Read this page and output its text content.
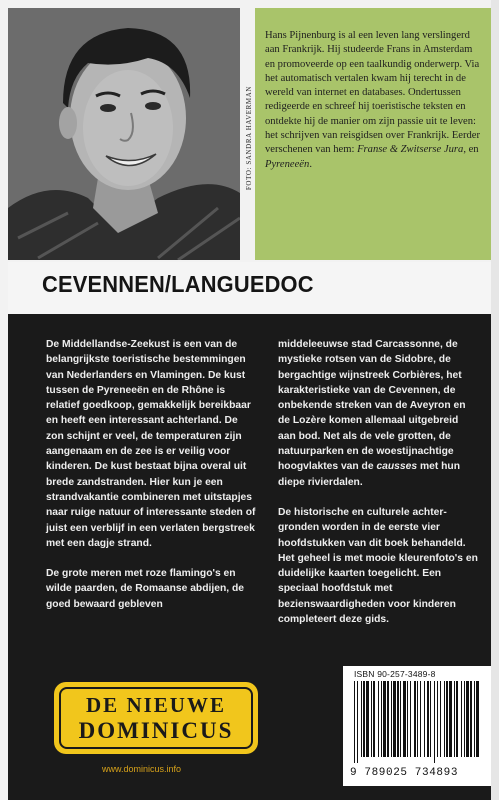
FOTO: SANDRA HAVERMAN
Hans Pijnenburg is al een leven lang verslingerd aan Frankrijk. Hij studeerde Frans in Amsterdam en promoveerde op een taalkundig onderwerp. Via het automatisch vertalen kwam hij terecht in de wereld van internet en databases. Ondertussen redigeerde en schreef hij toeristische teksten en ontdekte hij de manier om zijn passie uit te leven: het schrijven van reisgidsen over Frankrijk. Eerder verschenen van hem: Franse & Zwitserse Jura, en Pyreneeën.
CEVENNEN/LANGUEDOC

De Middellandse-Zeekust is een van de belangrijkste toeristische bestemmingen van Nederlanders en Vlamingen. De kust tussen de Pyreneeën en de Rhône is relatief goedkoop, gemakkelijk bereikbaar en heeft een interessant achterland. De zon schijnt er veel, de temperaturen zijn aangenaam en de zee is er veilig voor kinderen. De kust bestaat bijna overal uit brede zandstranden. Hier kun je een strandvakantie combineren met uitstapjes naar ruige natuur of interessante steden of juist een verblijf in een verlaten bergstreek met een dagje strand.

De grote meren met roze flamingo's en wilde paarden, de Romaanse abdijen, de goed bewaard gebleven

middeleeuwse stad Carcassonne, de mystieke rotsen van de Sidobre, de bergachtige wijnstreek Corbières, het karakteristieke van de Cevennen, de onbekende streken van de Aveyron en de Lozère komen allemaal uitgebreid aan bod. Net als de vele grotten, de natuurparken en de woestijnachtige hoogvlaktes van de causses met hun diepe rivierdalen.

De historische en culturele achtergronden worden in de eerste vier hoofdstukken van dit boek behandeld. Het geheel is met mooie kleurenfoto's en duidelijke kaarten toegelicht. Een speciaal hoofdstuk met bezienswaardigheden voor kinderen completeert deze gids.

ISBN 90-257-3489-8
9 789025 734893
DE NIEUWE
DOMINICUS
www.dominicus.info
